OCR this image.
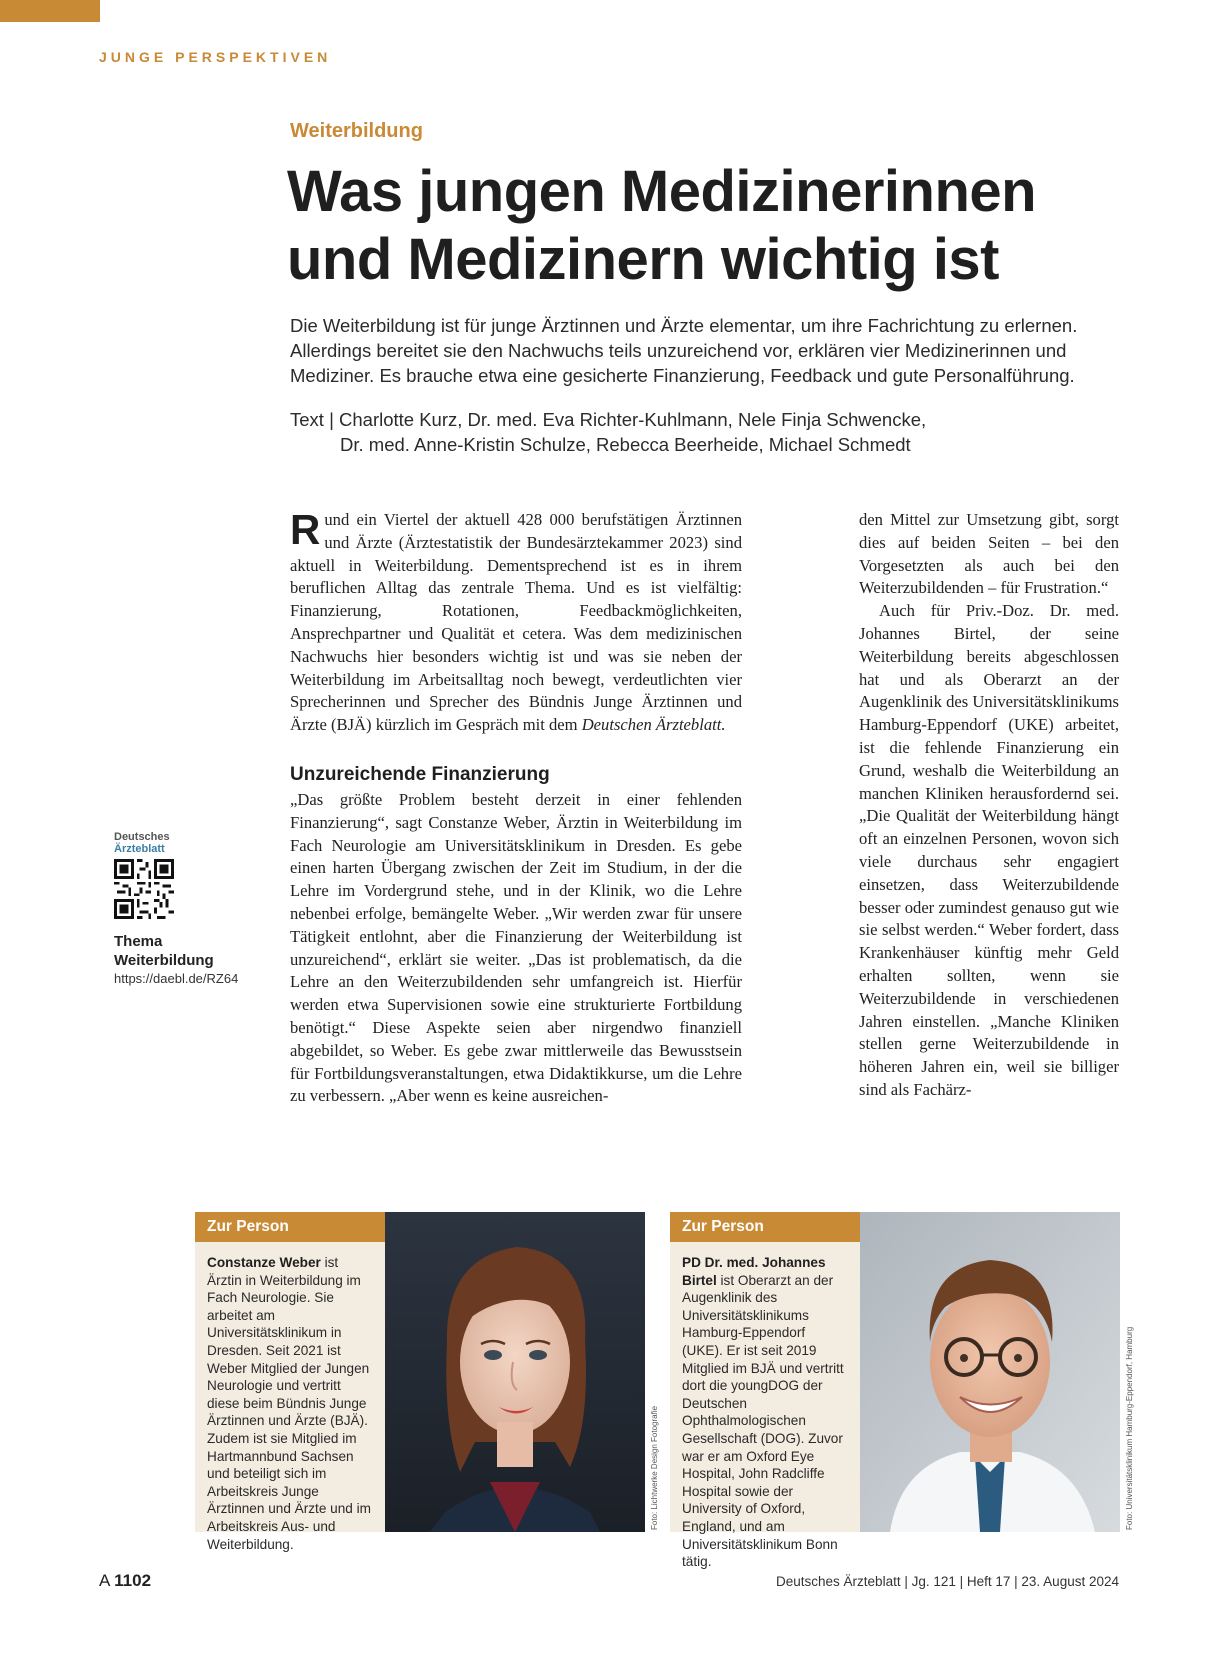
JUNGE PERSPEKTIVEN
Weiterbildung
Was jungen Medizinerinnen
und Medizinern wichtig ist

Die Weiterbildung ist für junge Ärztinnen und Ärzte elementar, um ihre Fachrichtung zu erlernen. Allerdings bereitet sie den Nachwuchs teils unzureichend vor, erklären vier Medizinerinnen und Mediziner. Es brauche etwa eine gesicherte Finanzierung, Feedback und gute Personalführung.

Text | Charlotte Kurz, Dr. med. Eva Richter-Kuhlmann, Nele Finja Schwencke,
Dr. med. Anne-Kristin Schulze, Rebecca Beerheide, Michael Schmedt

Rund ein Viertel der aktuell 428 000 berufstätigen Ärztinnen und Ärzte (Ärztestatistik der Bundesärztekammer 2023) sind aktuell in Weiterbildung. Dementsprechend ist es in ihrem beruflichen Alltag das zentrale Thema. Und es ist vielfältig: Finanzierung, Rotationen, Feedbackmöglichkeiten, Ansprechpartner und Qualität et cetera. Was dem medizinischen Nachwuchs hier besonders wichtig ist und was sie neben der Weiterbildung im Arbeitsalltag noch bewegt, verdeutlichten vier Sprecherinnen und Sprecher des Bündnis Junge Ärztinnen und Ärzte (BJÄ) kürzlich im Gespräch mit dem Deutschen Ärzteblatt.

Unzureichende Finanzierung

„Das größte Problem besteht derzeit in einer fehlenden Finanzierung“, sagt Constanze Weber, Ärztin in Weiterbildung im Fach Neurologie am Universitätsklinikum in Dresden. Es gebe einen harten Übergang zwischen der Zeit im Studium, in der die Lehre im Vordergrund stehe, und in der Klinik, wo die Lehre nebenbei erfolge, bemängelte Weber. „Wir werden zwar für unsere Tätigkeit entlohnt, aber die Finanzierung der Weiterbildung ist unzureichend“, erklärt sie weiter. „Das ist problematisch, da die Lehre an den Weiterzubildenden sehr umfangreich ist. Hierfür werden etwa Supervisionen sowie eine strukturierte Fortbildung benötigt.“ Diese Aspekte seien aber nirgendwo finanziell abgebildet, so Weber. Es gebe zwar mittlerweile das Bewusstsein für Fortbildungsveranstaltungen, etwa Didaktikkurse, um die Lehre zu verbessern. „Aber wenn es keine ausreichen-

den Mittel zur Umsetzung gibt, sorgt dies auf beiden Seiten – bei den Vorgesetzten als auch bei den Weiterzubildenden – für Frustration.“

Auch für Priv.-Doz. Dr. med. Johannes Birtel, der seine Weiterbildung bereits abgeschlossen hat und als Oberarzt an der Augenklinik des Universitätsklinikums Hamburg-Eppendorf (UKE) arbeitet, ist die fehlende Finanzierung ein Grund, weshalb die Weiterbildung an manchen Kliniken herausfordernd sei. „Die Qualität der Weiterbildung hängt oft an einzelnen Personen, wovon sich viele durchaus sehr engagiert einsetzen, dass Weiterzubildende besser oder zumindest genauso gut wie sie selbst werden.“ Weber fordert, dass Krankenhäuser künftig mehr Geld erhalten sollten, wenn sie Weiterzubildende in verschiedenen Jahren einstellen. „Manche Kliniken stellen gerne Weiterzubildende in höheren Jahren ein, weil sie billiger sind als Fachärz-

Deutsches
Ärzteblatt
Thema Weiterbildung
https://daebl.de/RZ64
Zur Person
Constanze Weber ist Ärztin in Weiterbildung im Fach Neurologie. Sie arbeitet am Universitätsklinikum in Dresden. Seit 2021 ist Weber Mitglied der Jungen Neurologie und vertritt diese beim Bündnis Junge Ärztinnen und Ärzte (BJÄ). Zudem ist sie Mitglied im Hartmannbund Sachsen und beteiligt sich im Arbeitskreis Junge Ärztinnen und Ärzte und im Arbeitskreis Aus- und Weiterbildung.
Foto: Lichtwerke Design Fotografie
Zur Person
PD Dr. med. Johannes Birtel ist Oberarzt an der Augenklinik des Universitätsklinikums Hamburg-Eppendorf (UKE). Er ist seit 2019 Mitglied im BJÄ und vertritt dort die youngDOG der Deutschen Ophthalmologischen Gesellschaft (DOG). Zuvor war er am Oxford Eye Hospital, John Radcliffe Hospital sowie der University of Oxford, England, und am Universitätsklinikum Bonn tätig.
Foto: Universitätsklinikum Hamburg-Eppendorf, Hamburg
A 1102	Deutsches Ärzteblatt | Jg. 121 | Heft 17 | 23. August 2024
